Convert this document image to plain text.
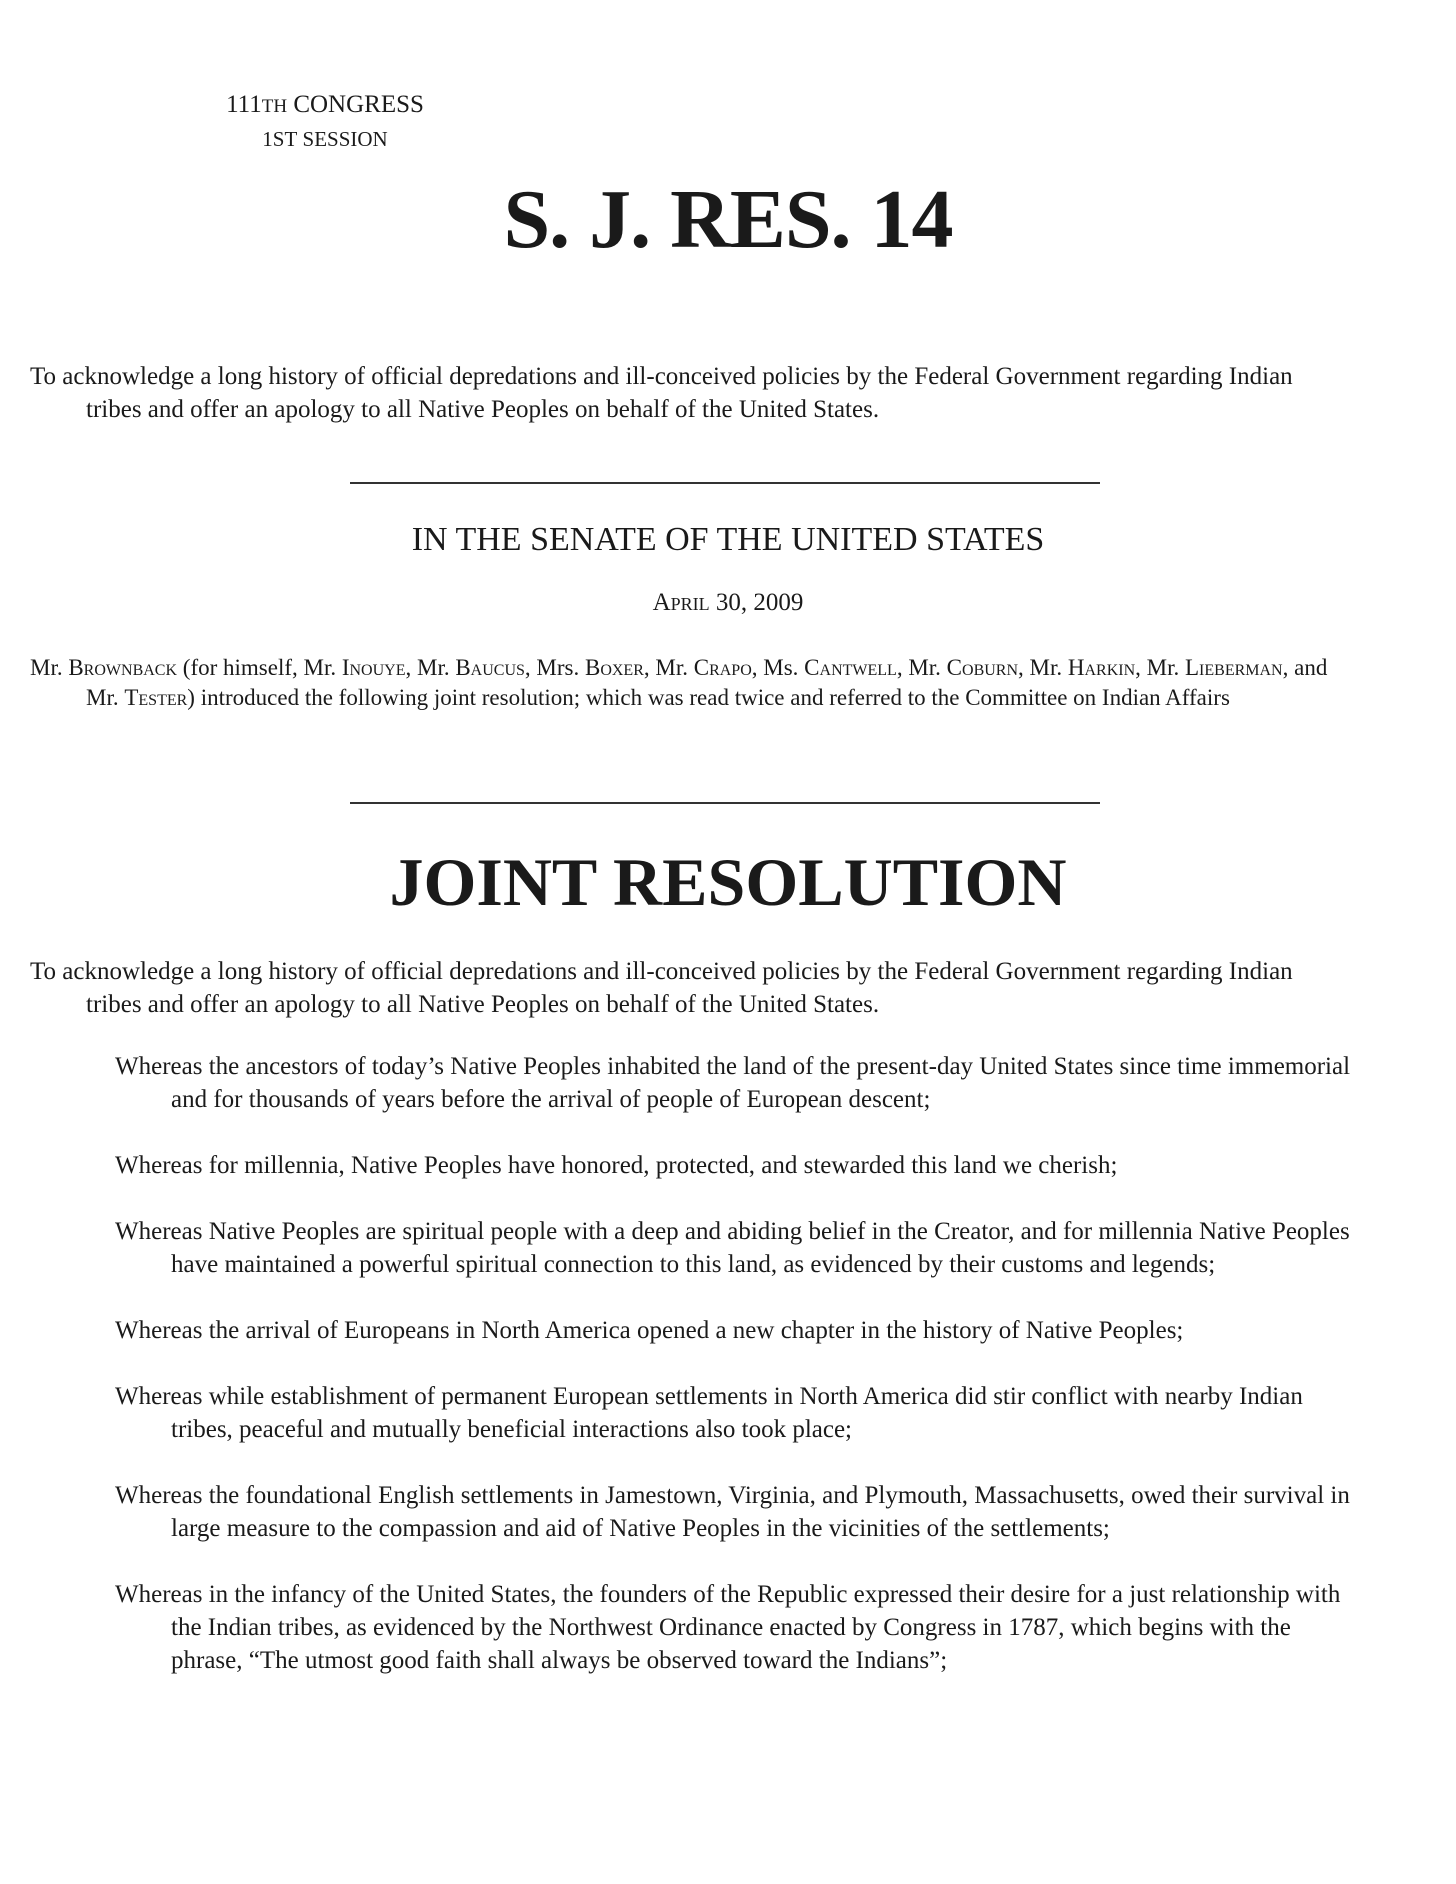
111TH CONGRESS
1ST SESSION
S. J. RES. 14

To acknowledge a long history of official depredations and ill-conceived policies by the Federal Government regarding Indian tribes and offer an apology to all Native Peoples on behalf of the United States.

IN THE SENATE OF THE UNITED STATES
April 30, 2009

Mr. Brownback (for himself, Mr. Inouye, Mr. Baucus, Mrs. Boxer, Mr. Crapo, Ms. Cantwell, Mr. Coburn, Mr. Harkin, Mr. Lieberman, and Mr. Tester) introduced the following joint resolution; which was read twice and referred to the Committee on Indian Affairs

JOINT RESOLUTION

To acknowledge a long history of official depredations and ill-conceived policies by the Federal Government regarding Indian tribes and offer an apology to all Native Peoples on behalf of the United States.

Whereas the ancestors of today’s Native Peoples inhabited the land of the present-day United States since time immemorial and for thousands of years before the arrival of people of European descent;

Whereas for millennia, Native Peoples have honored, protected, and stewarded this land we cherish;

Whereas Native Peoples are spiritual people with a deep and abiding belief in the Creator, and for millennia Native Peoples have maintained a powerful spiritual connection to this land, as evidenced by their customs and legends;

Whereas the arrival of Europeans in North America opened a new chapter in the history of Native Peoples;

Whereas while establishment of permanent European settlements in North America did stir conflict with nearby Indian tribes, peaceful and mutually beneficial interactions also took place;

Whereas the foundational English settlements in Jamestown, Virginia, and Plymouth, Massachusetts, owed their survival in large measure to the compassion and aid of Native Peoples in the vicinities of the settlements;

Whereas in the infancy of the United States, the founders of the Republic expressed their desire for a just relationship with the Indian tribes, as evidenced by the Northwest Ordinance enacted by Congress in 1787, which begins with the phrase, “The utmost good faith shall always be observed toward the Indians”;
